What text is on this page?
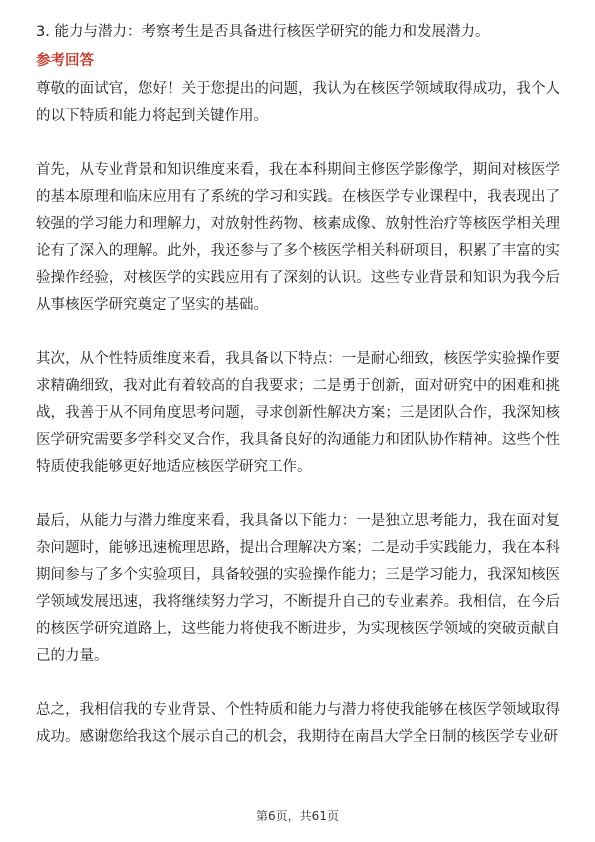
3. 能力与潜力：考察考生是否具备进行核医学研究的能力和发展潜力。

参考回答

尊敬的面试官，您好！关于您提出的问题，我认为在核医学领域取得成功，我个人的以下特质和能力将起到关键作用。

首先，从专业背景和知识维度来看，我在本科期间主修医学影像学，期间对核医学的基本原理和临床应用有了系统的学习和实践。在核医学专业课程中，我表现出了较强的学习能力和理解力，对放射性药物、核素成像、放射性治疗等核医学相关理论有了深入的理解。此外，我还参与了多个核医学相关科研项目，积累了丰富的实验操作经验，对核医学的实践应用有了深刻的认识。这些专业背景和知识为我今后从事核医学研究奠定了坚实的基础。

其次，从个性特质维度来看，我具备以下特点：一是耐心细致，核医学实验操作要求精确细致，我对此有着较高的自我要求；二是勇于创新，面对研究中的困难和挑战，我善于从不同角度思考问题，寻求创新性解决方案；三是团队合作，我深知核医学研究需要多学科交叉合作，我具备良好的沟通能力和团队协作精神。这些个性特质使我能够更好地适应核医学研究工作。

最后，从能力与潜力维度来看，我具备以下能力：一是独立思考能力，我在面对复杂问题时，能够迅速梳理思路，提出合理解决方案；二是动手实践能力，我在本科期间参与了多个实验项目，具备较强的实验操作能力；三是学习能力，我深知核医学领域发展迅速，我将继续努力学习，不断提升自己的专业素养。我相信，在今后的核医学研究道路上，这些能力将使我不断进步，为实现核医学领域的突破贡献自己的力量。

总之，我相信我的专业背景、个性特质和能力与潜力将使我能够在核医学领域取得成功。感谢您给我这个展示自己的机会，我期待在南昌大学全日制的核医学专业研

第6页，共61页
